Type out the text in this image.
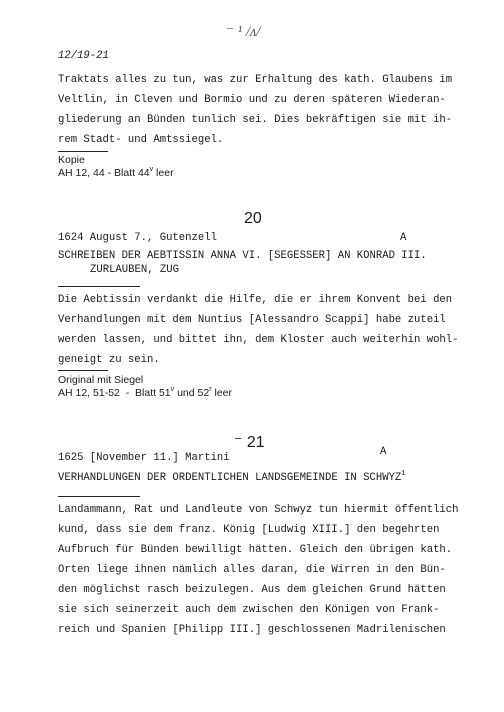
⁻ ¹ /ᴧ/
12/19-21
Traktats alles zu tun, was zur Erhaltung des kath. Glaubens im
Veltlin, in Cleven und Bormio und zu deren späteren Wiederan-
gliederung an Bünden tunlich sei. Dies bekräftigen sie mit ih-
rem Stadt- und Amtssiegel.
Kopie
AH 12, 44 - Blatt 44$^v$ leer
20
1624 August 7., Gutenzell	A
SCHREIBEN DER AEBTISSIN ANNA VI. [SEGESSER] AN KONRAD III.
ZURLAUBEN, ZUG
Die Aebtissin verdankt die Hilfe, die er ihrem Konvent bei den
Verhandlungen mit dem Nuntius [Alessandro Scappi] habe zuteil
werden lassen, und bittet ihn, dem Kloster auch weiterhin wohl-
geneigt zu sein.
Original mit Siegel
AH 12, 51-52  -  Blatt 51$^v$ und 52$^r$ leer
⁻ 21
1625 [November 11.] Martini	A
VERHANDLUNGEN DER ORDENTLICHEN LANDSGEMEINDE IN SCHWYZ$^1$
Landammann, Rat und Landleute von Schwyz tun hiermit öffentlich
kund, dass sie dem franz. König [Ludwig XIII.] den begehrten
Aufbruch für Bünden bewilligt hätten. Gleich den übrigen kath.
Orten liege ihnen nämlich alles daran, die Wirren in den Bün-
den möglichst rasch beizulegen. Aus dem gleichen Grund hätten
sie sich seinerzeit auch dem zwischen den Königen von Frank-
reich und Spanien [Philipp III.] geschlossenen Madrilenischen
